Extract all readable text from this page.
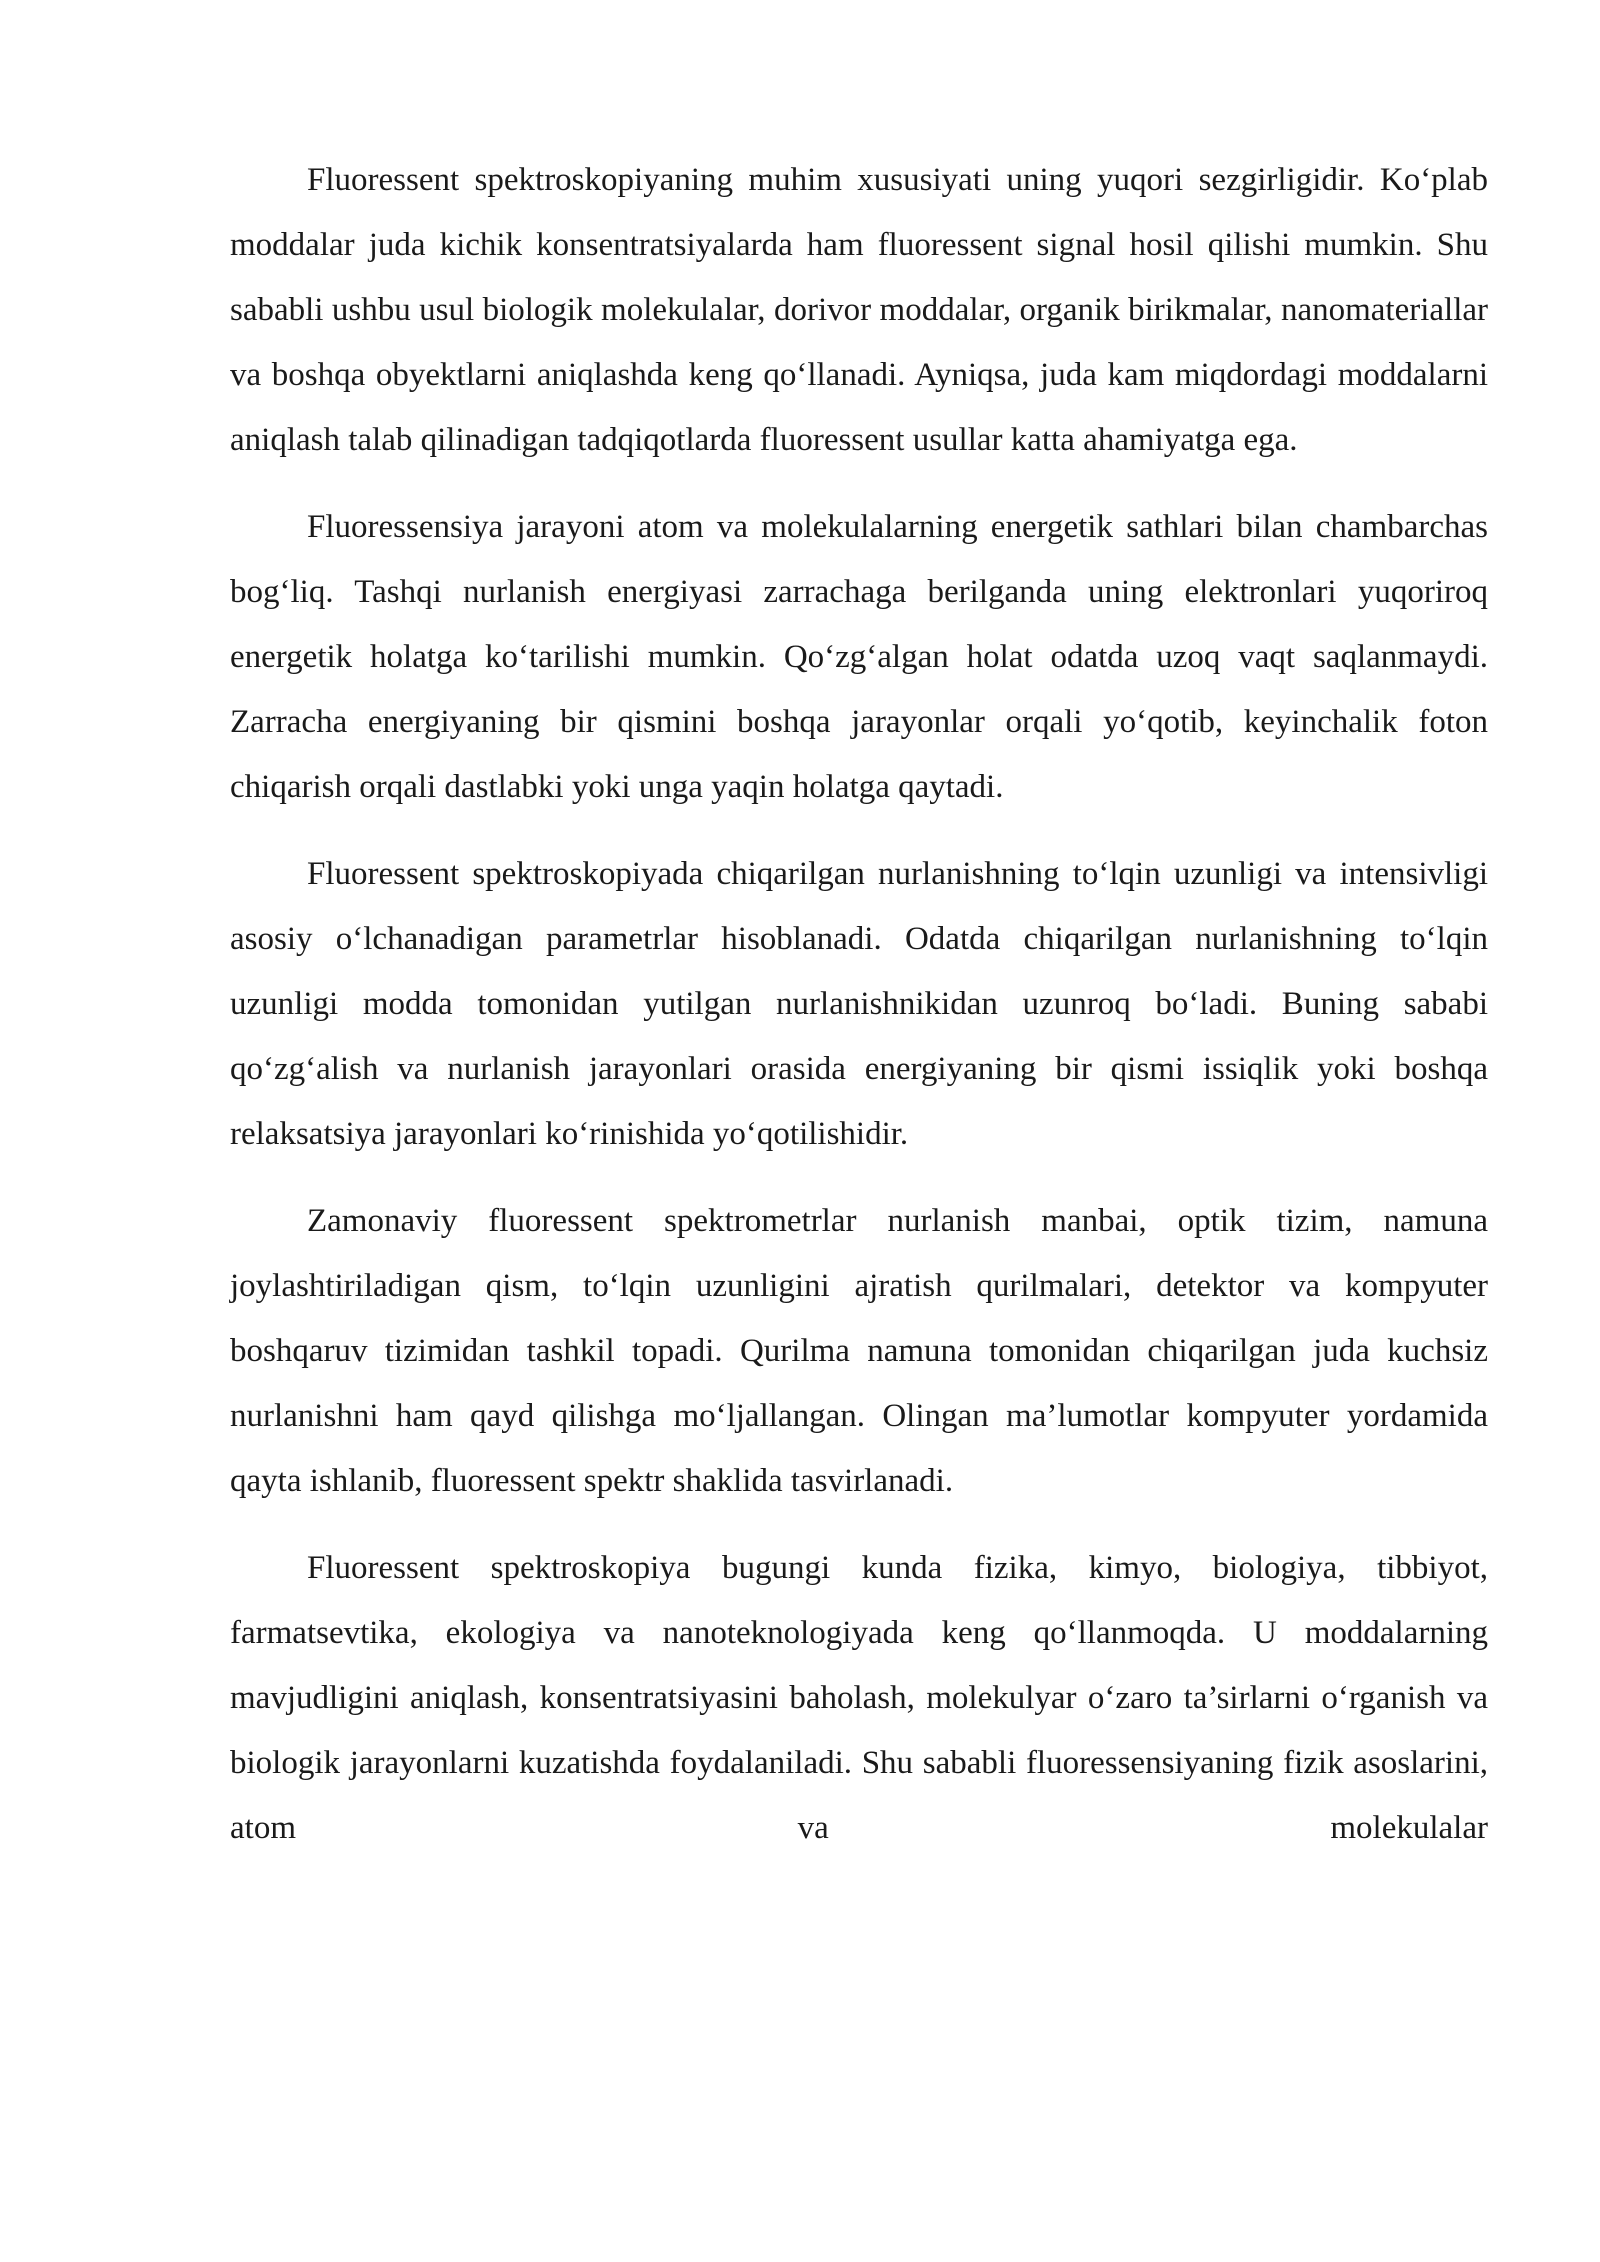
Fluoressent spektroskopiyaning muhim xususiyati uning yuqori sezgirligidir. Ko‘plab moddalar juda kichik konsentratsiyalarda ham fluoressent signal hosil qilishi mumkin. Shu sababli ushbu usul biologik molekulalar, dorivor moddalar, organik birikmalar, nanomateriallar va boshqa obyektlarni aniqlashda keng qo‘llanadi. Ayniqsa, juda kam miqdordagi moddalarni aniqlash talab qilinadigan tadqiqotlarda fluoressent usullar katta ahamiyatga ega.

Fluoressensiya jarayoni atom va molekulalarning energetik sathlari bilan chambarchas bog‘liq. Tashqi nurlanish energiyasi zarrachaga berilganda uning elektronlari yuqoriroq energetik holatga ko‘tarilishi mumkin. Qo‘zg‘algan holat odatda uzoq vaqt saqlanmaydi. Zarracha energiyaning bir qismini boshqa jarayonlar orqali yo‘qotib, keyinchalik foton chiqarish orqali dastlabki yoki unga yaqin holatga qaytadi.

Fluoressent spektroskopiyada chiqarilgan nurlanishning to‘lqin uzunligi va intensivligi asosiy o‘lchanadigan parametrlar hisoblanadi. Odatda chiqarilgan nurlanishning to‘lqin uzunligi modda tomonidan yutilgan nurlanishnikidan uzunroq bo‘ladi. Buning sababi qo‘zg‘alish va nurlanish jarayonlari orasida energiyaning bir qismi issiqlik yoki boshqa relaksatsiya jarayonlari ko‘rinishida yo‘qotilishidir.

Zamonaviy fluoressent spektrometrlar nurlanish manbai, optik tizim, namuna joylashtiriladigan qism, to‘lqin uzunligini ajratish qurilmalari, detektor va kompyuter boshqaruv tizimidan tashkil topadi. Qurilma namuna tomonidan chiqarilgan juda kuchsiz nurlanishni ham qayd qilishga mo‘ljallangan. Olingan ma’lumotlar kompyuter yordamida qayta ishlanib, fluoressent spektr shaklida tasvirlanadi.

Fluoressent spektroskopiya bugungi kunda fizika, kimyo, biologiya, tibbiyot, farmatsevtika, ekologiya va nanoteknologiyada keng qo‘llanmoqda. U moddalarning mavjudligini aniqlash, konsentratsiyasini baholash, molekulyar o‘zaro ta’sirlarni o‘rganish va biologik jarayonlarni kuzatishda foydalaniladi. Shu sababli fluoressensiyaning fizik asoslarini, atom va molekulalar
